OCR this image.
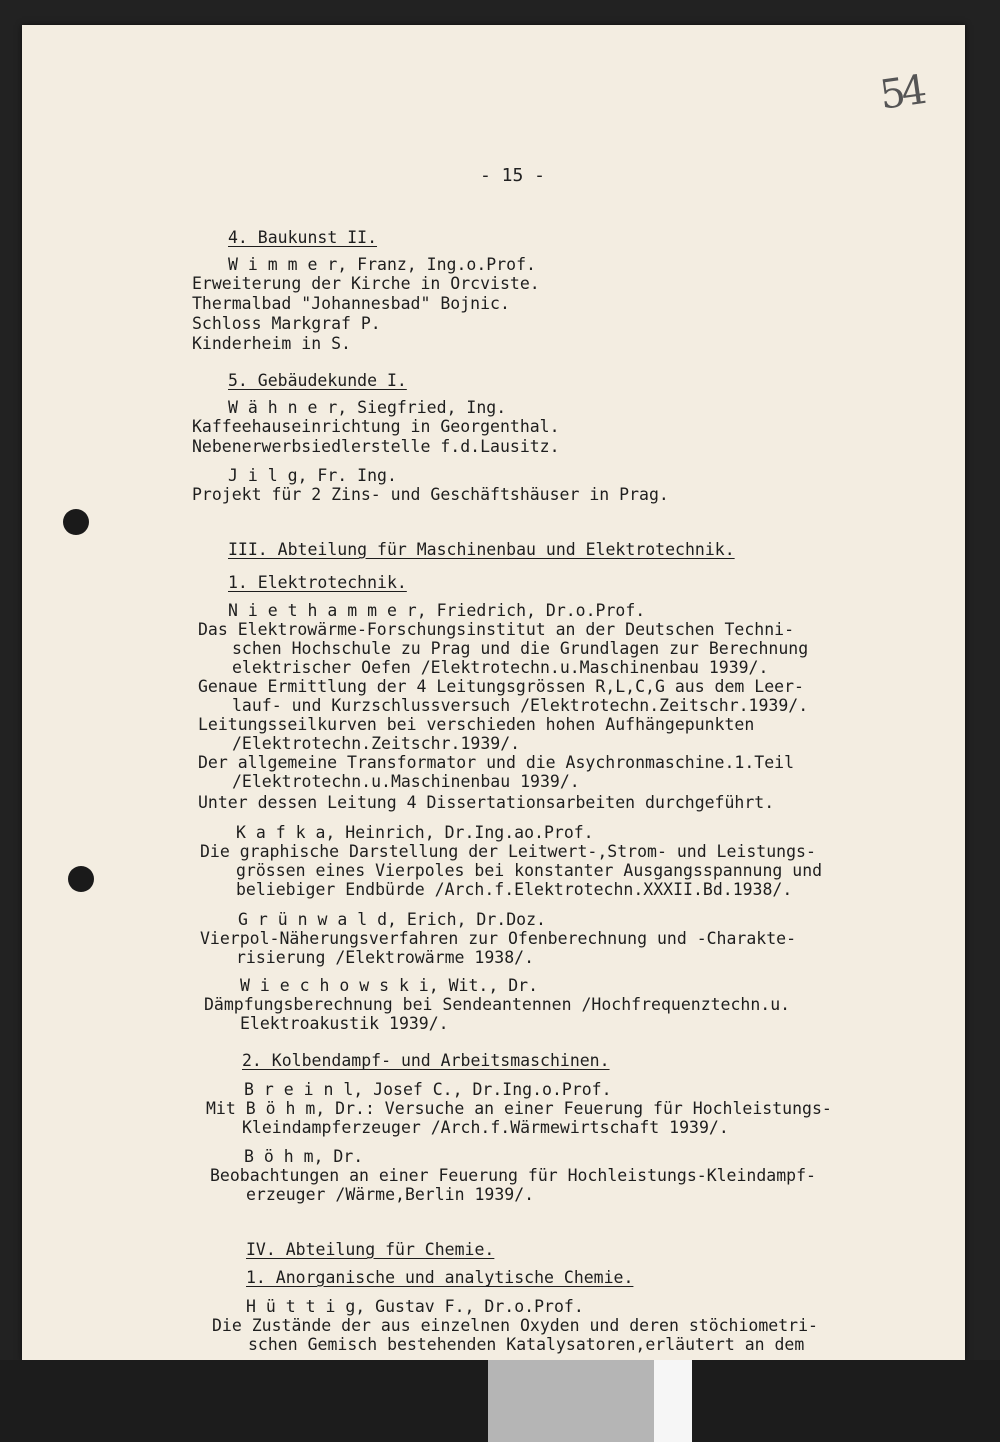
54
- 15 -
4. Baukunst II.
W i m m e r, Franz, Ing.o.Prof.
Erweiterung der Kirche in Orcviste.
Thermalbad "Johannesbad" Bojnic.
Schloss Markgraf P.
Kinderheim in S.
5. Gebäudekunde I.
W ä h n e r, Siegfried, Ing.
Kaffeehauseinrichtung in Georgenthal.
Nebenerwerbsiedlerstelle f.d.Lausitz.
J i l g, Fr. Ing.
Projekt für 2 Zins- und Geschäftshäuser in Prag.
III. Abteilung für Maschinenbau und Elektrotechnik.
1. Elektrotechnik.
N i e t h a m m e r, Friedrich, Dr.o.Prof.
Das Elektrowärme-Forschungsinstitut an der Deutschen Techni-
schen Hochschule zu Prag und die Grundlagen zur Berechnung
elektrischer Oefen /Elektrotechn.u.Maschinenbau 1939/.
Genaue Ermittlung der 4 Leitungsgrössen R,L,C,G aus dem Leer-
lauf- und Kurzschlussversuch /Elektrotechn.Zeitschr.1939/.
Leitungsseilkurven bei verschieden hohen Aufhängepunkten
/Elektrotechn.Zeitschr.1939/.
Der allgemeine Transformator und die Asychronmaschine.1.Teil
/Elektrotechn.u.Maschinenbau 1939/.
Unter dessen Leitung 4 Dissertationsarbeiten durchgeführt.
K a f k a, Heinrich, Dr.Ing.ao.Prof.
Die graphische Darstellung der Leitwert-,Strom- und Leistungs-
grössen eines Vierpoles bei konstanter Ausgangsspannung und
beliebiger Endbürde /Arch.f.Elektrotechn.XXXII.Bd.1938/.
G r ü n w a l d, Erich, Dr.Doz.
Vierpol-Näherungsverfahren zur Ofenberechnung und -Charakte-
risierung /Elektrowärme 1938/.
W i e c h o w s k i, Wit., Dr.
Dämpfungsberechnung bei Sendeantennen /Hochfrequenztechn.u.
Elektroakustik 1939/.
2. Kolbendampf- und Arbeitsmaschinen.
B r e i n l, Josef C., Dr.Ing.o.Prof.
Mit B ö h m, Dr.: Versuche an einer Feuerung für Hochleistungs-
Kleindampferzeuger /Arch.f.Wärmewirtschaft 1939/.
B ö h m, Dr.
Beobachtungen an einer Feuerung für Hochleistungs-Kleindampf-
erzeuger /Wärme,Berlin 1939/.
IV. Abteilung für Chemie.
1. Anorganische und analytische Chemie.
H ü t t i g, Gustav F., Dr.o.Prof.
Die Zustände der aus einzelnen Oxyden und deren stöchiometri-
schen Gemisch bestehenden Katalysatoren,erläutert an dem
